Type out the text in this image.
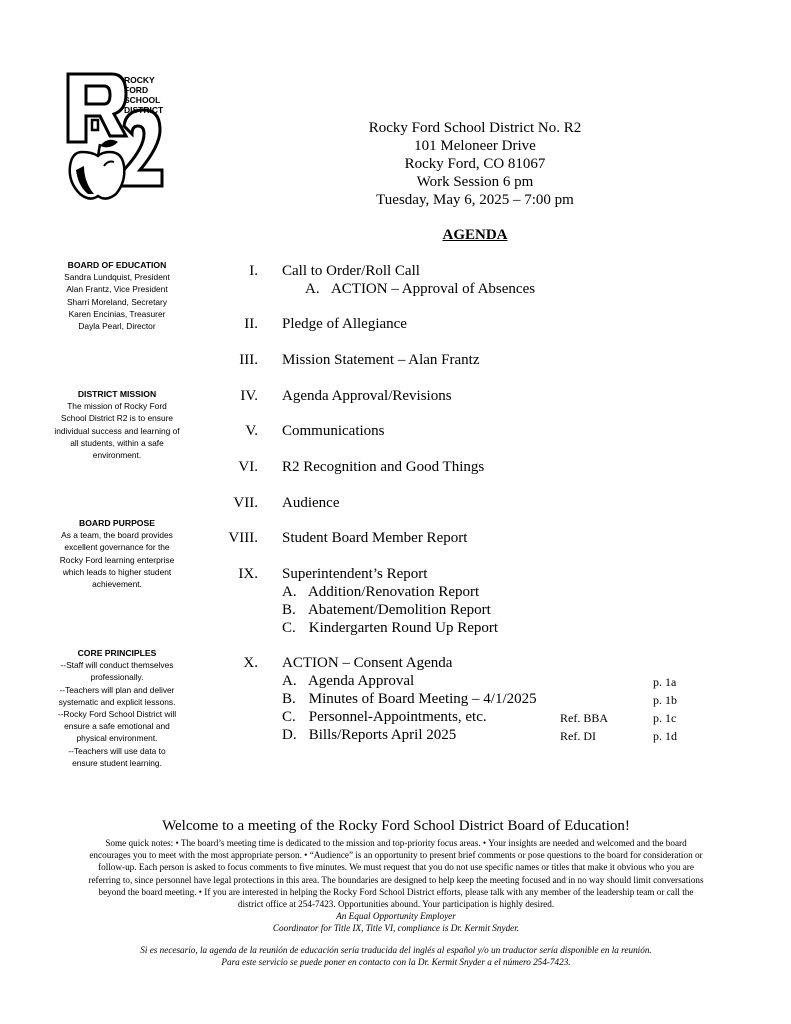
ROCKY
FORD
SCHOOL
DISTRICT
Rocky Ford School District No. R2
101 Meloneer Drive
Rocky Ford, CO 81067
Work Session 6 pm
Tuesday, May 6, 2025 – 7:00 pm
AGENDA
BOARD OF EDUCATION
Sandra Lundquist, President
Alan Frantz, Vice President
Sharri Moreland, Secretary
Karen Encinias, Treasurer
Dayla Pearl, Director
DISTRICT MISSION
The mission of Rocky Ford
School District R2 is to ensure
individual success and learning of
all students, within a safe
environment.
BOARD PURPOSE
As a team, the board provides
excellent governance for the
Rocky Ford learning enterprise
which leads to higher student
achievement.
CORE PRINCIPLES
--Staff will conduct themselves
professionally.
--Teachers will plan and deliver
systematic and explicit lessons.
--Rocky Ford School District will
ensure a safe emotional and
physical environment.
--Teachers will use data to
ensure student learning.
I. Call to Order/Roll Call
A. ACTION – Approval of Absences
II. Pledge of Allegiance
III. Mission Statement – Alan Frantz
IV. Agenda Approval/Revisions
V. Communications
VI. R2 Recognition and Good Things
VII. Audience
VIII. Student Board Member Report
IX. Superintendent’s Report
A. Addition/Renovation Report
B. Abatement/Demolition Report
C. Kindergarten Round Up Report
X. ACTION – Consent Agenda
A. Agenda Approval	p. 1a
B. Minutes of Board Meeting – 4/1/2025	p. 1b
C. Personnel-Appointments, etc.	Ref. BBA	p. 1c
D. Bills/Reports April 2025	Ref. DI	p. 1d
Welcome to a meeting of the Rocky Ford School District Board of Education!
Some quick notes: • The board’s meeting time is dedicated to the mission and top-priority focus areas. • Your insights are needed and welcomed and the board
encourages you to meet with the most appropriate person. • “Audience” is an opportunity to present brief comments or pose questions to the board for consideration or
follow-up. Each person is asked to focus comments to five minutes. We must request that you do not use specific names or titles that make it obvious who you are
referring to, since personnel have legal protections in this area. The boundaries are designed to help keep the meeting focused and in no way should limit conversations
beyond the board meeting. • If you are interested in helping the Rocky Ford School District efforts, please talk with any member of the leadership team or call the
district office at 254-7423. Opportunities abound. Your participation is highly desired.
An Equal Opportunity Employer
Coordinator for Title IX, Title VI, compliance is Dr. Kermit Snyder.
Si es necesario, la agenda de la reunión de educación sería traducida del inglés al español y/o un traductor sería disponible en la reunión.
Para este servicio se puede poner en contacto con la Dr. Kermit Snyder a el número 254-7423.
